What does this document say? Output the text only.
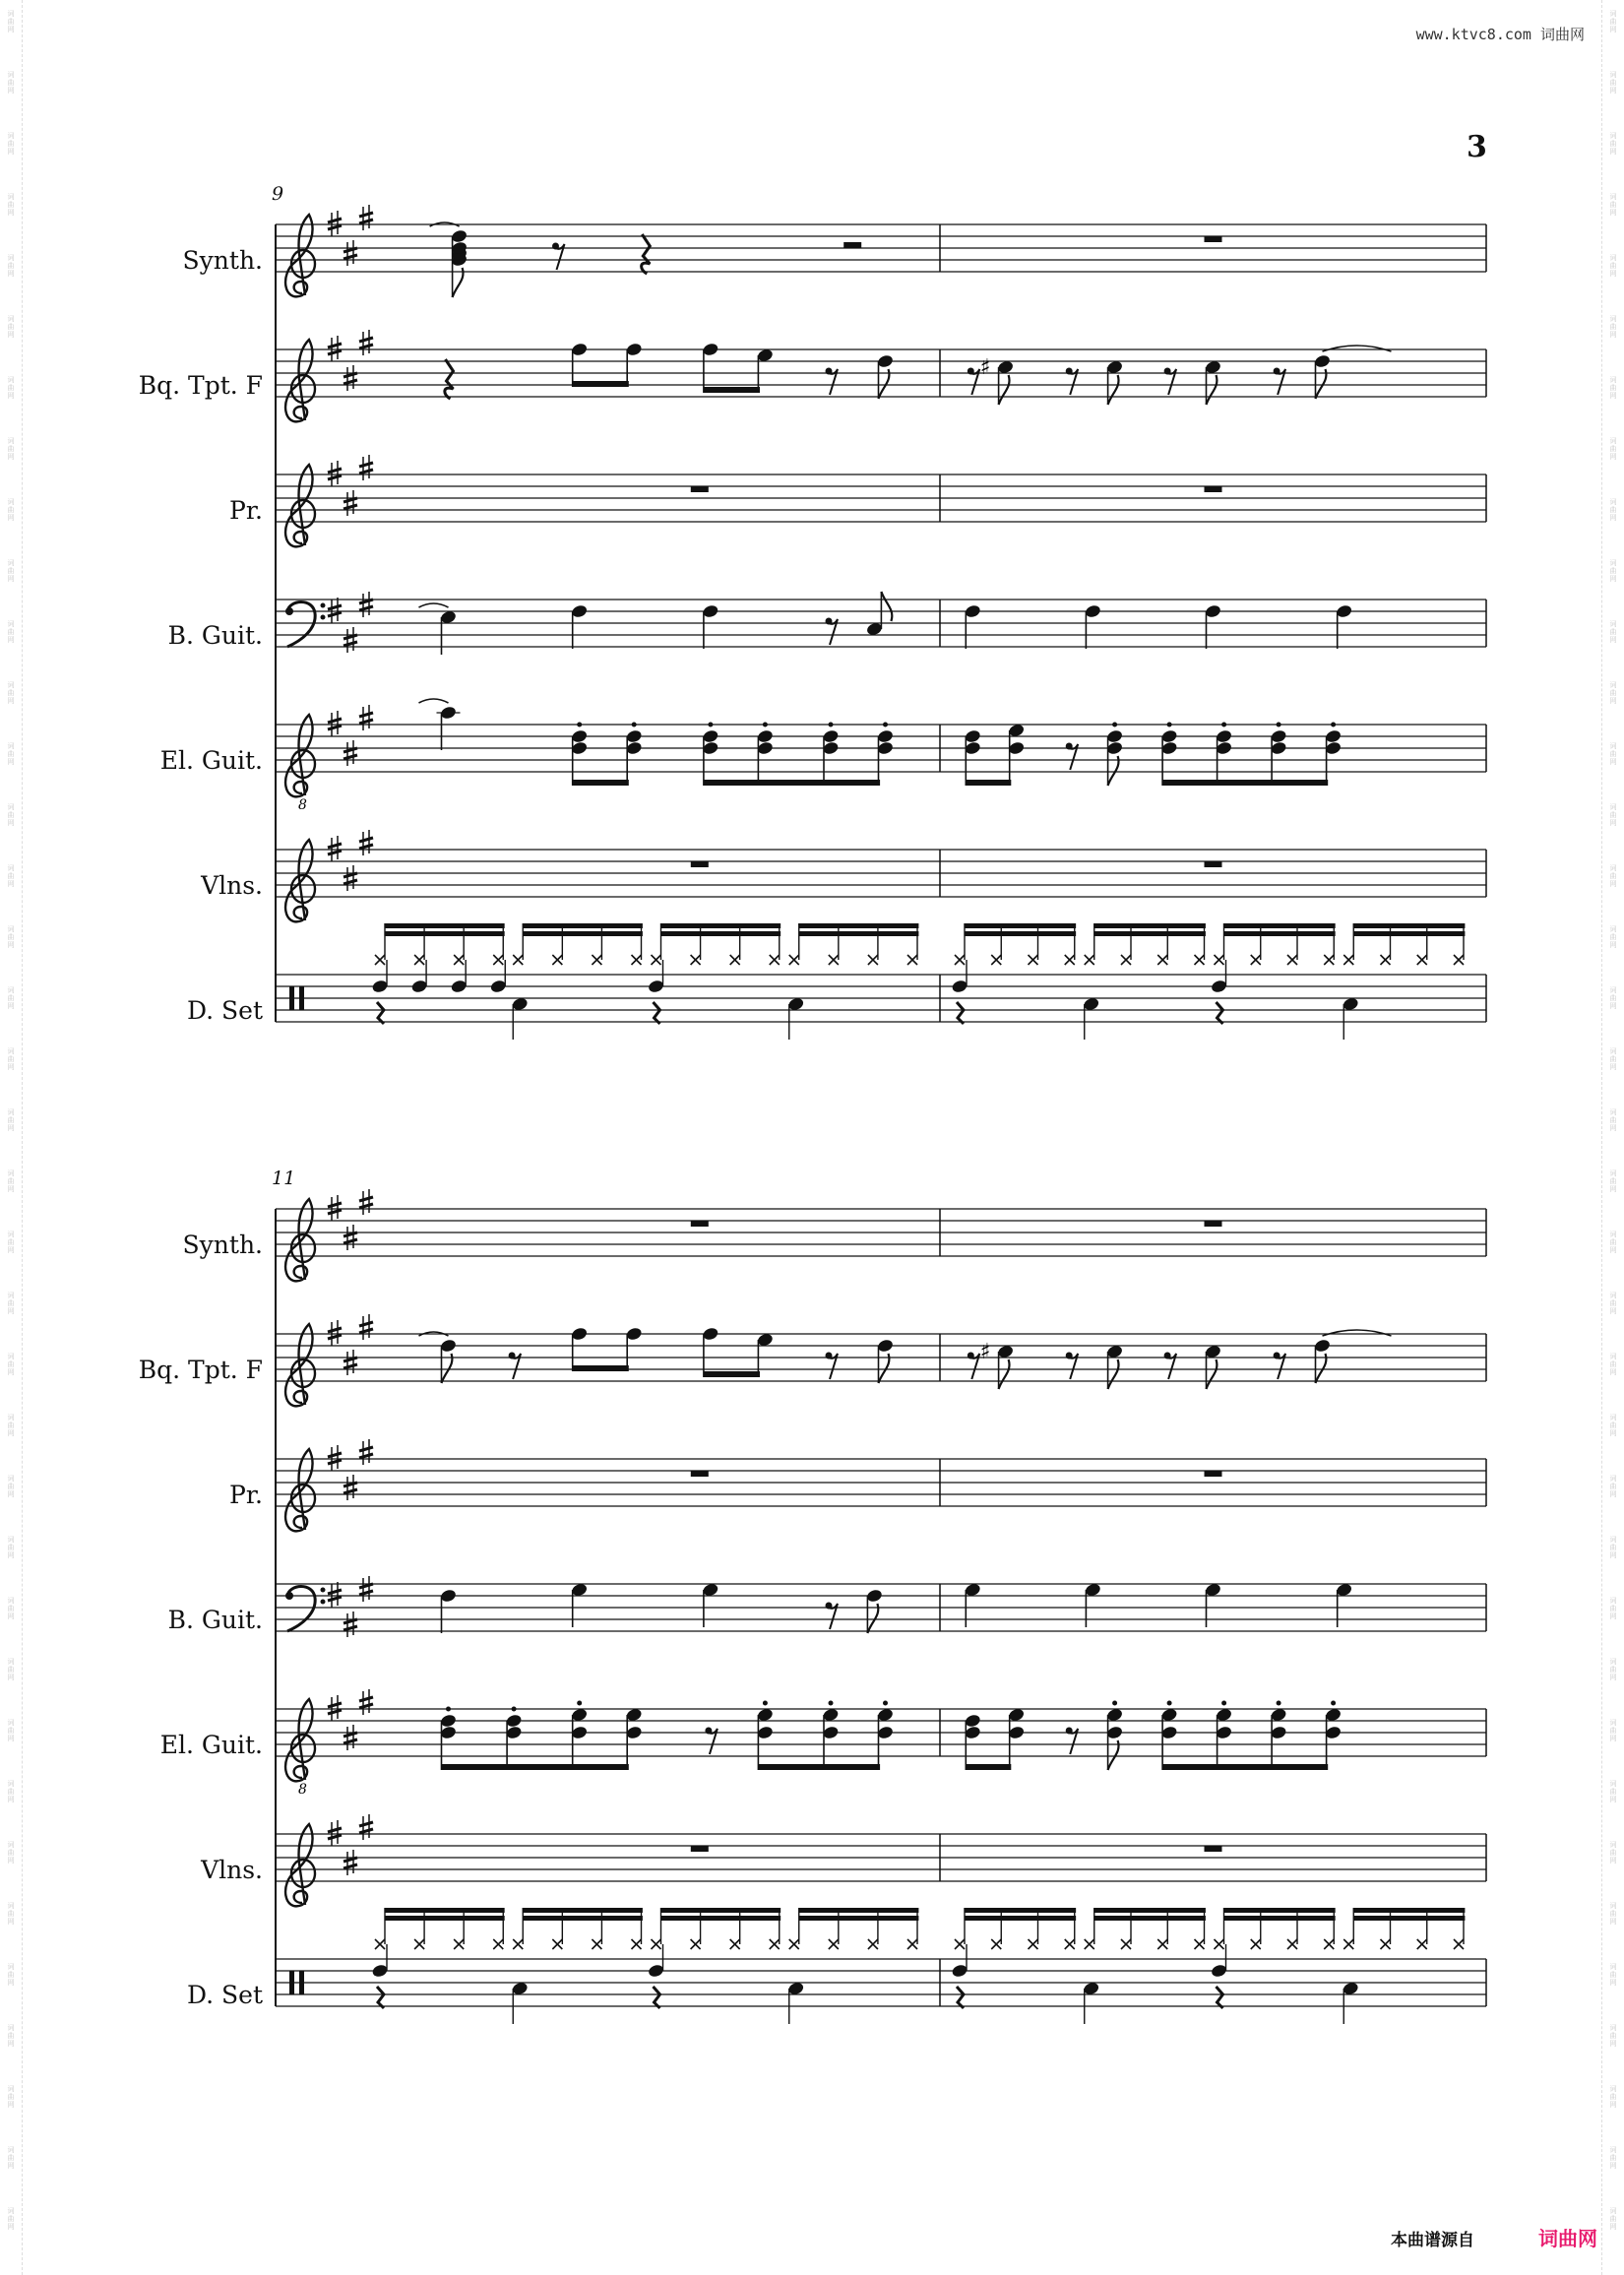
词
曲
网
词
曲
网
词
曲
网
词
曲
网
词
曲
网
词
曲
网
词
曲
网
词
曲
网
词
曲
网
词
曲
网
词
曲
网
词
曲
网
词
曲
网
词
曲
网
词
曲
网
词
曲
网
词
曲
网
词
曲
网
词
曲
网
词
曲
网
词
曲
网
词
曲
网
词
曲
网
词
曲
网
词
曲
网
词
曲
网
词
曲
网
词
曲
网
词
曲
网
词
曲
网
词
曲
网
词
曲
网
词
曲
网
词
曲
网
词
曲
网
词
曲
网
词
曲
网
词
曲
网
词
曲
网
词
曲
网
词
曲
网
词
曲
网
词
曲
网
词
曲
网
词
曲
网
词
曲
网
词
曲
网
词
曲
网
词
曲
网
词
曲
网
词
曲
网
词
曲
网
词
曲
网
词
曲
网
词
曲
网
词
曲
网
词
曲
网
词
曲
网
词
曲
网
词
曲
网
词
曲
网
词
曲
网
词
曲
网
词
曲
网
词
曲
网
词
曲
网
词
曲
网
词
曲
网
词
曲
网
词
曲
网
词
曲
网
词
曲
网
词
曲
网
词
曲
网
www.ktvc8.com 词曲网
3
9
Synth.
Bq. Tpt. F
♯
Pr.
B. Guit.
El. Guit.
8
Vlns.
D. Set
11
Synth.
Bq. Tpt. F
♯
Pr.
B. Guit.
El. Guit.
8
Vlns.
D. Set
本曲谱源自	词曲网
